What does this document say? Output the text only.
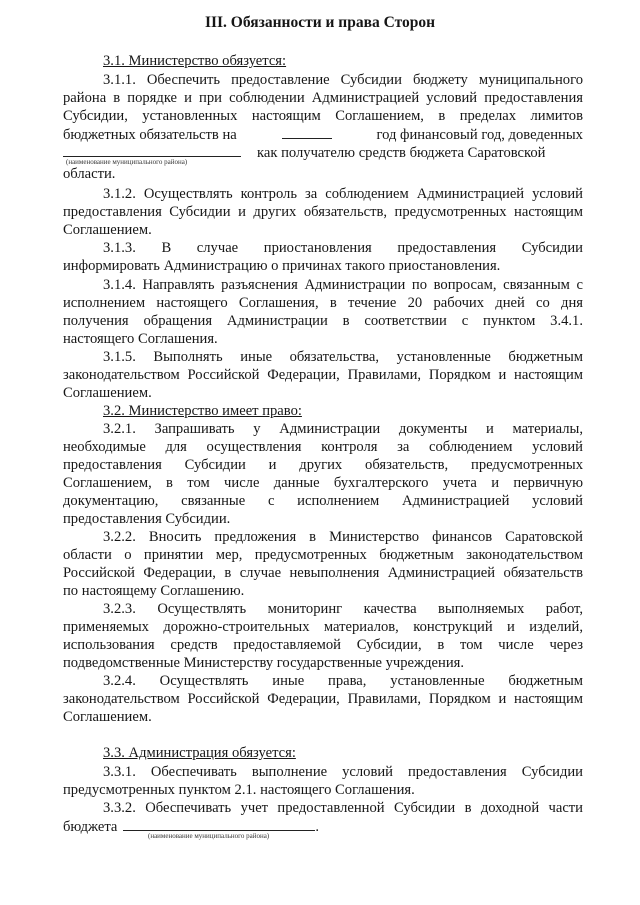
III. Обязанности и права Сторон
3.1. Министерство обязуется:
3.1.1. Обеспечить предоставление Субсидии бюджету муниципального
района в порядке и при соблюдении Администрацией условий предоставления
Субсидии, установленных настоящим Соглашением, в пределах лимитов
бюджетных обязательств на	год финансовый год, доведенных
как получателю средств бюджета Саратовской
(наименование муниципального района)
области.
3.1.2. Осуществлять контроль за соблюдением Администрацией условий
предоставления Субсидии и других обязательств, предусмотренных настоящим
Соглашением.
3.1.3. В случае приостановления предоставления Субсидии
информировать Администрацию о причинах такого приостановления.
3.1.4. Направлять разъяснения Администрации по вопросам, связанным с
исполнением настоящего Соглашения, в течение 20 рабочих дней со дня
получения обращения Администрации в соответствии с пунктом 3.4.1.
настоящего Соглашения.
3.1.5. Выполнять иные обязательства, установленные бюджетным
законодательством Российской Федерации, Правилами, Порядком и настоящим
Соглашением.
3.2. Министерство имеет право:
3.2.1. Запрашивать у Администрации документы и материалы,
необходимые для осуществления контроля за соблюдением условий
предоставления Субсидии и других обязательств, предусмотренных
Соглашением, в том числе данные бухгалтерского учета и первичную
документацию, связанные с исполнением Администрацией условий
предоставления Субсидии.
3.2.2. Вносить предложения в Министерство финансов Саратовской
области о принятии мер, предусмотренных бюджетным законодательством
Российской Федерации, в случае невыполнения Администрацией обязательств
по настоящему Соглашению.
3.2.3. Осуществлять мониторинг качества выполняемых работ,
применяемых дорожно-строительных материалов, конструкций и изделий,
использования средств предоставляемой Субсидии, в том числе через
подведомственные Министерству государственные учреждения.
3.2.4. Осуществлять иные права, установленные бюджетным
законодательством Российской Федерации, Правилами, Порядком и настоящим
Соглашением.
3.3. Администрация обязуется:
3.3.1. Обеспечивать выполнение условий предоставления Субсидии
предусмотренных пунктом 2.1. настоящего Соглашения.
3.3.2. Обеспечивать учет предоставленной Субсидии в доходной части
бюджета	.
(наименование муниципального района)
